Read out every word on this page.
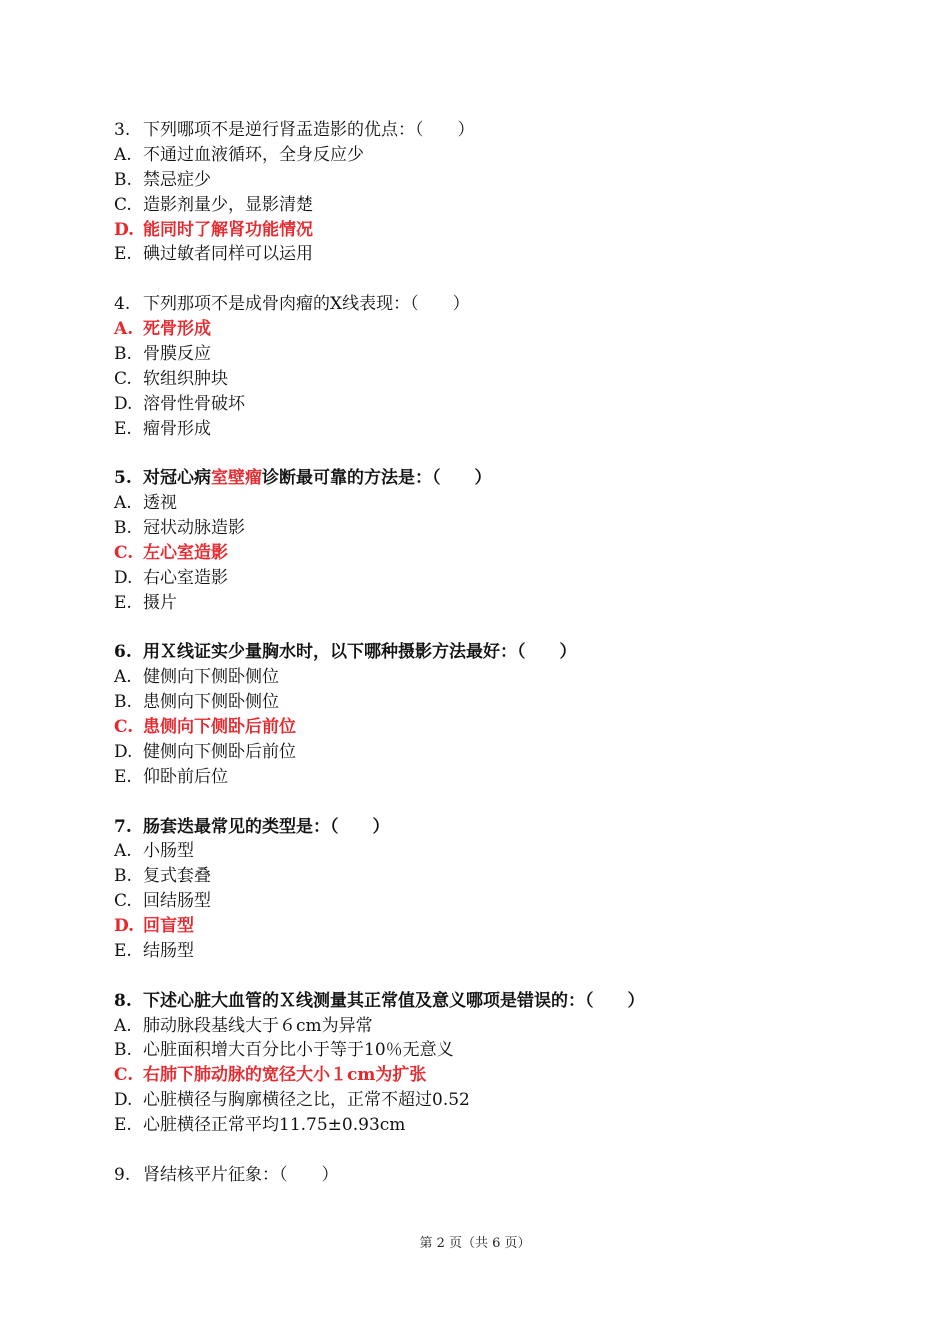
3. 下列哪项不是逆行肾盂造影的优点：（　　）
A. 不通过血液循环，全身反应少
B. 禁忌症少
C. 造影剂量少，显影清楚
D. 能同时了解肾功能情况
E. 碘过敏者同样可以运用
4. 下列那项不是成骨肉瘤的X线表现：（　　）
A. 死骨形成
B. 骨膜反应
C. 软组织肿块
D. 溶骨性骨破坏
E. 瘤骨形成
5. 对冠心病室壁瘤诊断最可靠的方法是：（　　）
A. 透视
B. 冠状动脉造影
C. 左心室造影
D. 右心室造影
E. 摄片
6. 用Ｘ线证实少量胸水时，以下哪种摄影方法最好：（　　）
A. 健侧向下侧卧侧位
B. 患侧向下侧卧侧位
C. 患侧向下侧卧后前位
D. 健侧向下侧卧后前位
E. 仰卧前后位
7. 肠套迭最常见的类型是：（　　）
A. 小肠型
B. 复式套叠
C. 回结肠型
D. 回盲型
E. 结肠型
8. 下述心脏大血管的Ｘ线测量其正常值及意义哪项是错误的：（　　）
A. 肺动脉段基线大于６cm为异常
B. 心脏面积增大百分比小于等于10％无意义
C. 右肺下肺动脉的宽径大小１cm为扩张
D. 心脏横径与胸廓横径之比，正常不超过0.52
E. 心脏横径正常平均11.75±0.93cm
9. 肾结核平片征象：（　　）
第 2 页（共 6 页）
